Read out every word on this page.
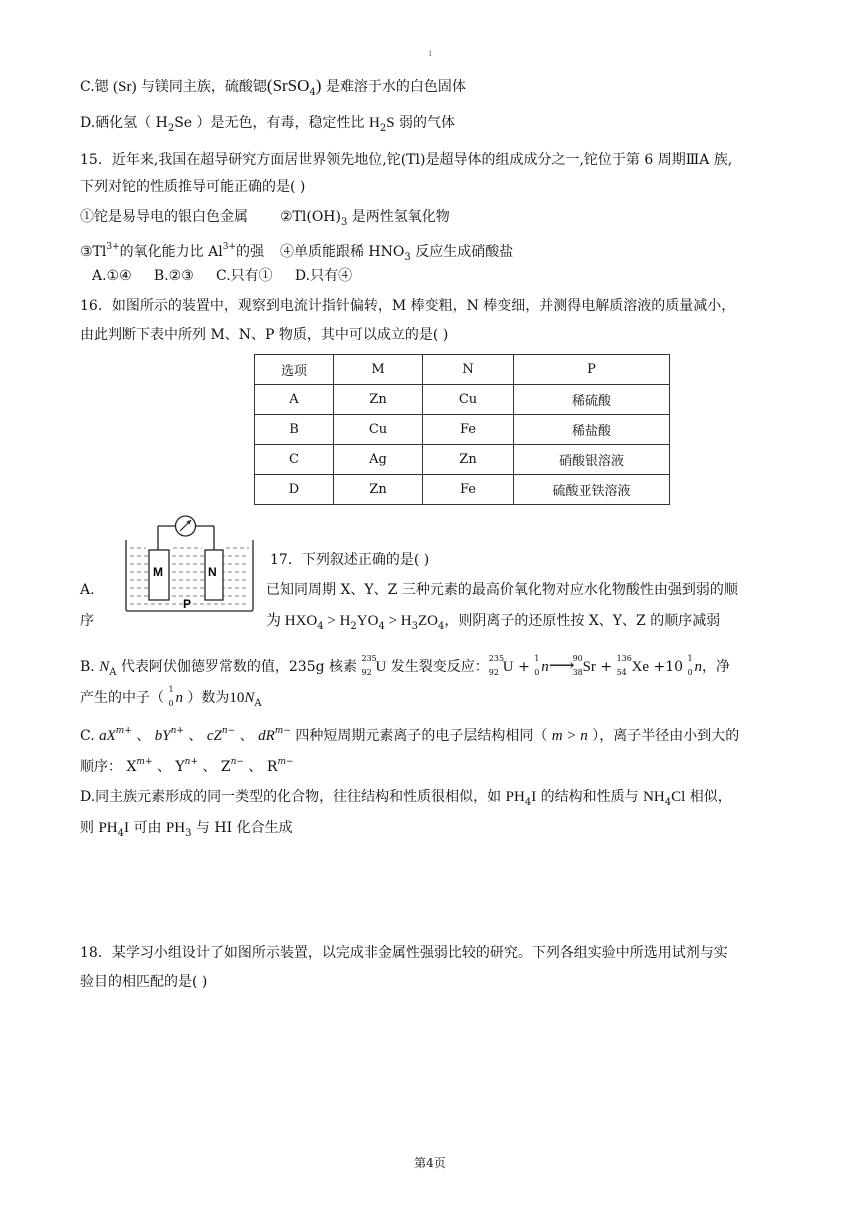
1
C.锶 (Sr) 与镁同主族，硫酸锶(SrSO$_4$) 是难溶于水的白色固体
D.硒化氢（ $H_2Se$ ）是无色，有毒，稳定性比 $H_2S$ 弱的气体
15．近年来,我国在超导研究方面居世界领先地位,铊(Tl)是超导体的组成成分之一,铊位于第 6 周期ⅢA 族,
下列对铊的性质推导可能正确的是( )
①铊是易导电的银白色金属 $②Tl(OH)_3$ 是两性氢氧化物
$③Tl^{3+}$的氧化能力比 $Al^{3+}$的强 ④单质能跟稀 $HNO_3$ 反应生成硝酸盐
A.①④     B.②③     C.只有①     D.只有④
16．如图所示的装置中，观察到电流计指针偏转，M 棒变粗，N 棒变细，并测得电解质溶液的质量减小，
由此判断下表中所列 M、N、P 物质，其中可以成立的是( )
选项	M	N	P
A	Zn	Cu	稀硫酸
B	Cu	Fe	稀盐酸
C	Ag	Zn	硝酸银溶液
D	Zn	Fe	硫酸亚铁溶液
M	N
P
17．下列叙述正确的是( )
A.	已知同周期 X、Y、Z 三种元素的最高价氧化物对应水化物酸性由强到弱的顺
序	为 $HXO_4 > H_2YO_4 > H_3ZO_4$，则阴离子的还原性按 X、Y、Z 的顺序减弱
B. $N_A$ 代表阿伏伽德罗常数的值，235g 核素
235
92 U 发生裂变反应：
235
92 U +
1
0 n⟶ 90
38 Sr +
136
54 Xe +10
1
0 n，净
产生的中子（
1
0 n ）数为$10N_A$
C. $aX^{m+}$ 、 $bY^{n+}$ 、 $cZ^{n-}$ 、 $dR^{m-}$ 四种短周期元素离子的电子层结构相同（ m > n ），离子半径由小到大的
顺序： $X^{m+}$ 、 $Y^{n+}$ 、 $Z^{n-}$ 、 $R^{m-}$
D.同主族元素形成的同一类型的化合物，往往结构和性质很相似，如 $PH_4I$ 的结构和性质与 $NH_4Cl$ 相似，
则 $PH_4I$ 可由 $PH_3$ 与 HI 化合生成
18．某学习小组设计了如图所示装置，以完成非金属性强弱比较的研究。下列各组实验中所选用试剂与实
验目的相匹配的是( )
第4页
